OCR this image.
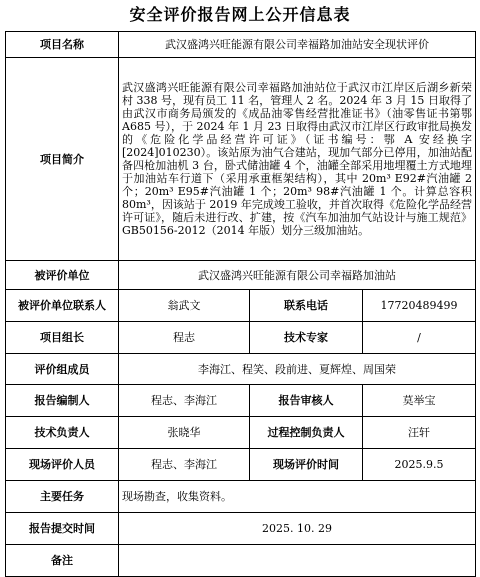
安全评价报告网上公开信息表
项目名称	武汉盛鸿兴旺能源有限公司幸福路加油站安全现状评价		
项目简介	武汉盛鸿兴旺能源有限公司幸福路加油站位于武汉市江岸区后湖乡新荣村 338 号，现有员工 11 名，管理人 2 名。2024 年 3 月 15 日取得了由武汉市商务局颁发的《成品油零售经营批准证书》（油零售证书第鄂 A685 号），于 2024 年 1 月 23 日取得由武汉市江岸区行政审批局换发的《危险化学品经营许可证》（证书编号：鄂 A 安经换字[2024]010230）。该站原为油气合建站，现加气部分已停用，加油站配备四枪加油机 3 台，卧式储油罐 4 个，油罐全部采用地埋覆土方式地埋于加油站车行道下（采用承重框架结构），其中 20m³ E92#汽油罐 2 个；20m³ E95#汽油罐 1 个；20m³ 98#汽油罐 1 个。计算总容积 80m³，因该站于 2019 年完成竣工验收，并首次取得《危险化学品经营许可证》，随后未进行改、扩建，按《汽车加油加气站设计与施工规范》GB50156-2012（2014 年版）划分三级加油站。		
被评价单位	武汉盛鸿兴旺能源有限公司幸福路加油站		
被评价单位联系人	翁武文	联系电话	17720489499
项目组长	程志	技术专家	/
评价组成员	李海江、程笑、段前进、夏辉煌、周国荣		
报告编制人	程志、李海江	报告审核人	莫举宝
技术负责人	张晓华	过程控制负责人	汪轩
现场评价人员	程志、李海江	现场评价时间	2025.9.5
主要任务	现场勘查，收集资料。		
报告提交时间	2025. 10. 29		
备注			
